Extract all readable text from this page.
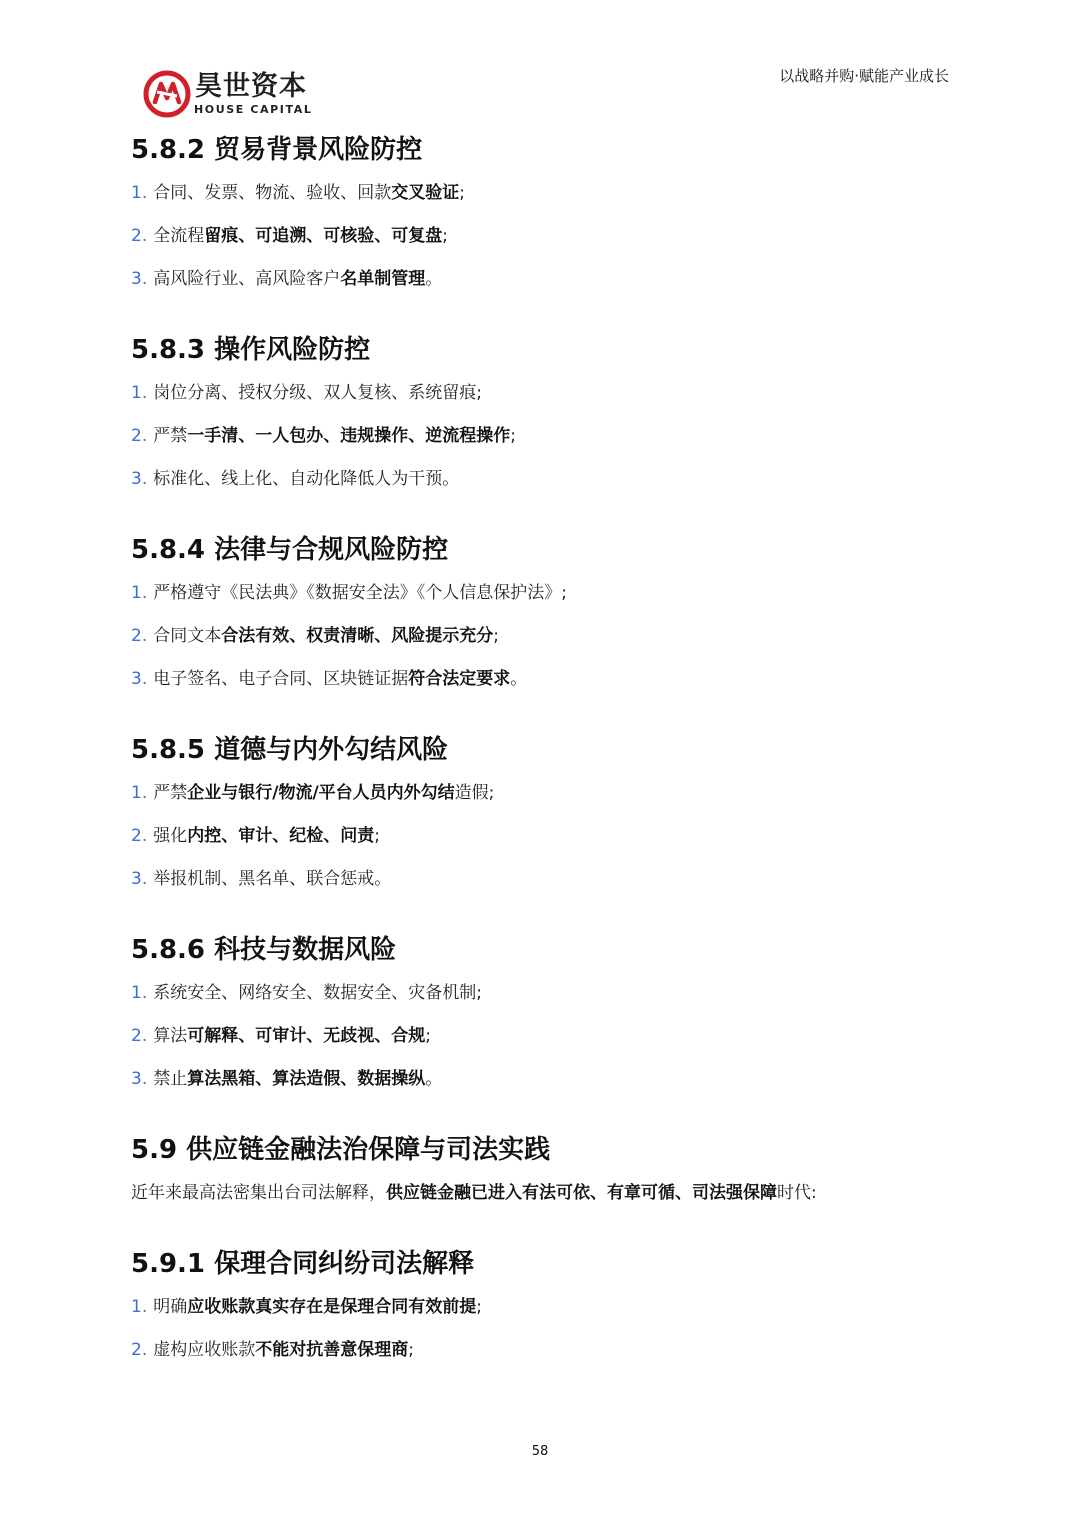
昊世资本
HOUSE CAPITAL
以战略并购·赋能产业成长
5.8.2 贸易背景风险防控
1. 合同、发票、物流、验收、回款交叉验证;
2. 全流程留痕、可追溯、可核验、可复盘;
3. 高风险行业、高风险客户名单制管理。
5.8.3 操作风险防控
1. 岗位分离、授权分级、双人复核、系统留痕;
2. 严禁一手清、一人包办、违规操作、逆流程操作;
3. 标准化、线上化、自动化降低人为干预。
5.8.4 法律与合规风险防控
1. 严格遵守《民法典》《数据安全法》《个人信息保护法》;
2. 合同文本合法有效、权责清晰、风险提示充分;
3. 电子签名、电子合同、区块链证据符合法定要求。
5.8.5 道德与内外勾结风险
1. 严禁企业与银行/物流/平台人员内外勾结造假;
2. 强化内控、审计、纪检、问责;
3. 举报机制、黑名单、联合惩戒。
5.8.6 科技与数据风险
1. 系统安全、网络安全、数据安全、灾备机制;
2. 算法可解释、可审计、无歧视、合规;
3. 禁止算法黑箱、算法造假、数据操纵。
5.9 供应链金融法治保障与司法实践

近年来最高法密集出台司法解释，供应链金融已进入有法可依、有章可循、司法强保障时代:

5.9.1 保理合同纠纷司法解释
1. 明确应收账款真实存在是保理合同有效前提;
2. 虚构应收账款不能对抗善意保理商;
58
